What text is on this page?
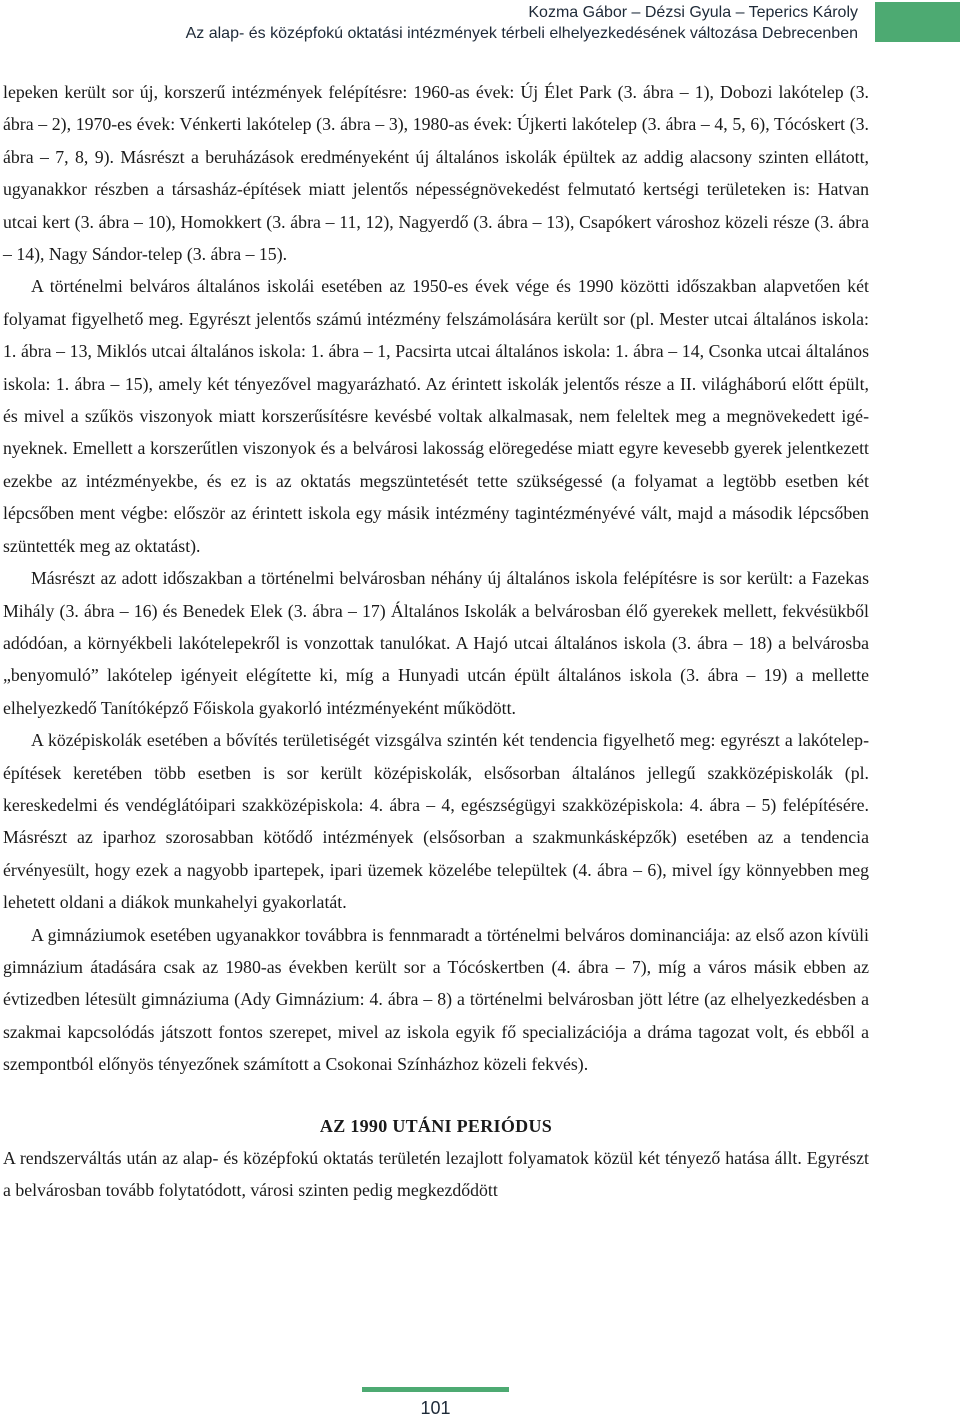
Kozma Gábor – Dézsi Gyula – Teperics Károly
Az alap- és középfokú oktatási intézmények térbeli elhelyezkedésének változása Debrecenben

lepeken került sor új, korszerű intézmények felépítésre: 1960-as évek: Új Élet Park (3. ábra – 1), Dobozi lakótelep (3. ábra – 2), 1970-es évek: Vénkerti lakótelep (3. ábra – 3), 1980-as évek: Újkerti lakótelep (3. ábra – 4, 5, 6), Tócóskert (3. ábra – 7, 8, 9). Másrészt a beruházások eredményeként új általános iskolák épültek az addig alacsony szinten ellátott, ugyanakkor részben a társasház-építések miatt jelentős népességnövekedést felmutató kertségi területeken is: Hatvan utcai kert (3. ábra – 10), Homokkert (3. ábra – 11, 12), Nagyerdő (3. ábra – 13), Csapókert városhoz közeli része (3. ábra – 14), Nagy Sándor-telep (3. ábra – 15).

A történelmi belváros általános iskolái esetében az 1950-es évek vége és 1990 közötti időszakban alapvetően két folyamat figyelhető meg. Egyrészt jelentős számú intézmény felszámolására került sor (pl. Mester utcai általános iskola: 1. ábra – 13, Miklós utcai általános iskola: 1. ábra – 1, Pacsirta utcai általános iskola: 1. ábra – 14, Csonka utcai általános iskola: 1. ábra – 15), amely két tényezővel magyarázható. Az érintett iskolák jelentős része a II. világháború előtt épült, és mivel a szűkös viszonyok miatt korszerűsítésre kevésbé voltak alkalmasak, nem feleltek meg a megnövekedett igényeknek. Emellett a korszerűtlen viszonyok és a belvárosi lakosság elöregedése miatt egyre kevesebb gyerek jelentkezett ezekbe az intézményekbe, és ez is az oktatás megszüntetését tette szükségessé (a folyamat a legtöbb esetben két lépcsőben ment végbe: először az érintett iskola egy másik intézmény tagintézményévé vált, majd a második lépcsőben szüntették meg az oktatást).

Másrészt az adott időszakban a történelmi belvárosban néhány új általános iskola felépítésre is sor került: a Fazekas Mihály (3. ábra – 16) és Benedek Elek (3. ábra – 17) Általános Iskolák a belvárosban élő gyerekek mellett, fekvésükből adódóan, a környékbeli lakótelepekről is vonzottak tanulókat. A Hajó utcai általános iskola (3. ábra – 18) a belvárosba „benyomuló” lakótelep igényeit elégítette ki, míg a Hunyadi utcán épült általános iskola (3. ábra – 19) a mellette elhelyezkedő Tanítóképző Főiskola gyakorló intézményeként működött.

A középiskolák esetében a bővítés területiségét vizsgálva szintén két tendencia figyelhető meg: egyrészt a lakótelep-építések keretében több esetben is sor került középiskolák, elsősorban általános jellegű szakközépiskolák (pl. kereskedelmi és vendéglátóipari szakközépiskola: 4. ábra – 4, egészségügyi szakközépiskola: 4. ábra – 5) felépítésére. Másrészt az iparhoz szorosabban kötődő intézmények (elsősorban a szakmunkásképzők) esetében az a tendencia érvényesült, hogy ezek a nagyobb ipartepek, ipari üzemek közelébe települtek (4. ábra – 6), mivel így könnyebben meg lehetett oldani a diákok munkahelyi gyakorlatát.

A gimnáziumok esetében ugyanakkor továbbra is fennmaradt a történelmi belváros dominanciája: az első azon kívüli gimnázium átadására csak az 1980-as években került sor a Tócóskertben (4. ábra – 7), míg a város másik ebben az évtizedben létesült gimnáziuma (Ady Gimnázium: 4. ábra – 8) a történelmi belvárosban jött létre (az elhelyezkedésben a szakmai kapcsolódás játszott fontos szerepet, mivel az iskola egyik fő specializációja a dráma tagozat volt, és ebből a szempontból előnyös tényezőnek számított a Csokonai Színházhoz közeli fekvés).

AZ 1990 UTÁNI PERIÓDUS

A rendszerváltás után az alap- és középfokú oktatás területén lezajlott folyamatok közül két tényező hatása állt. Egyrészt a belvárosban tovább folytatódott, városi szinten pedig megkezdődött

101
